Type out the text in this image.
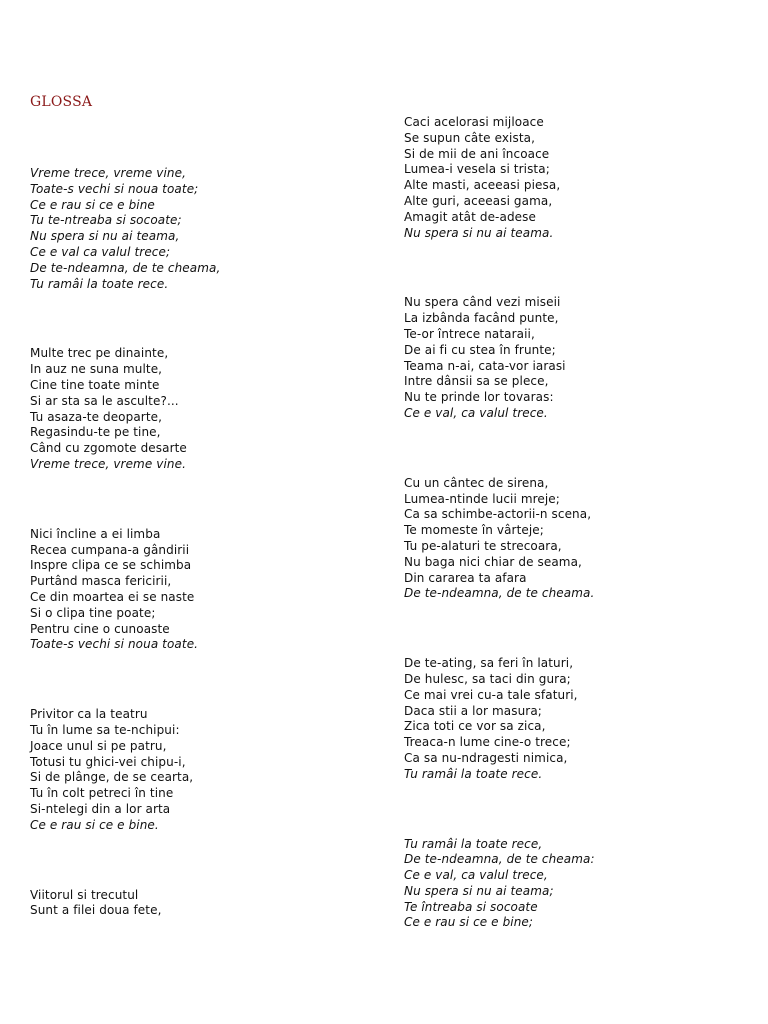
GLOSSA
Vreme trece, vreme vine,
Toate-s vechi si noua toate;
Ce e rau si ce e bine
Tu te-ntreaba si socoate;
Nu spera si nu ai teama,
Ce e val ca valul trece;
De te-ndeamna, de te cheama,
Tu ramâi la toate rece.
Multe trec pe dinainte,
In auz ne suna multe,
Cine tine toate minte
Si ar sta sa le asculte?...
Tu asaza-te deoparte,
Regasindu-te pe tine,
Când cu zgomote desarte
Vreme trece, vreme vine.
Nici încline a ei limba
Recea cumpana-a gândirii
Inspre clipa ce se schimba
Purtând masca fericirii,
Ce din moartea ei se naste
Si o clipa tine poate;
Pentru cine o cunoaste
Toate-s vechi si noua toate.
Privitor ca la teatru
Tu în lume sa te-nchipui:
Joace unul si pe patru,
Totusi tu ghici-vei chipu-i,
Si de plânge, de se cearta,
Tu în colt petreci în tine
Si-ntelegi din a lor arta
Ce e rau si ce e bine.
Viitorul si trecutul
Sunt a filei doua fete,
Caci acelorasi mijloace
Se supun câte exista,
Si de mii de ani încoace
Lumea-i vesela si trista;
Alte masti, aceeasi piesa,
Alte guri, aceeasi gama,
Amagit atât de-adese
Nu spera si nu ai teama.
Nu spera când vezi miseii
La izbânda facând punte,
Te-or întrece nataraii,
De ai fi cu stea în frunte;
Teama n-ai, cata-vor iarasi
Intre dânsii sa se plece,
Nu te prinde lor tovaras:
Ce e val, ca valul trece.
Cu un cântec de sirena,
Lumea-ntinde lucii mreje;
Ca sa schimbe-actorii-n scena,
Te momeste în vârteje;
Tu pe-alaturi te strecoara,
Nu baga nici chiar de seama,
Din cararea ta afara
De te-ndeamna, de te cheama.
De te-ating, sa feri în laturi,
De hulesc, sa taci din gura;
Ce mai vrei cu-a tale sfaturi,
Daca stii a lor masura;
Zica toti ce vor sa zica,
Treaca-n lume cine-o trece;
Ca sa nu-ndragesti nimica,
Tu ramâi la toate rece.
Tu ramâi la toate rece,
De te-ndeamna, de te cheama:
Ce e val, ca valul trece,
Nu spera si nu ai teama;
Te întreaba si socoate
Ce e rau si ce e bine;
